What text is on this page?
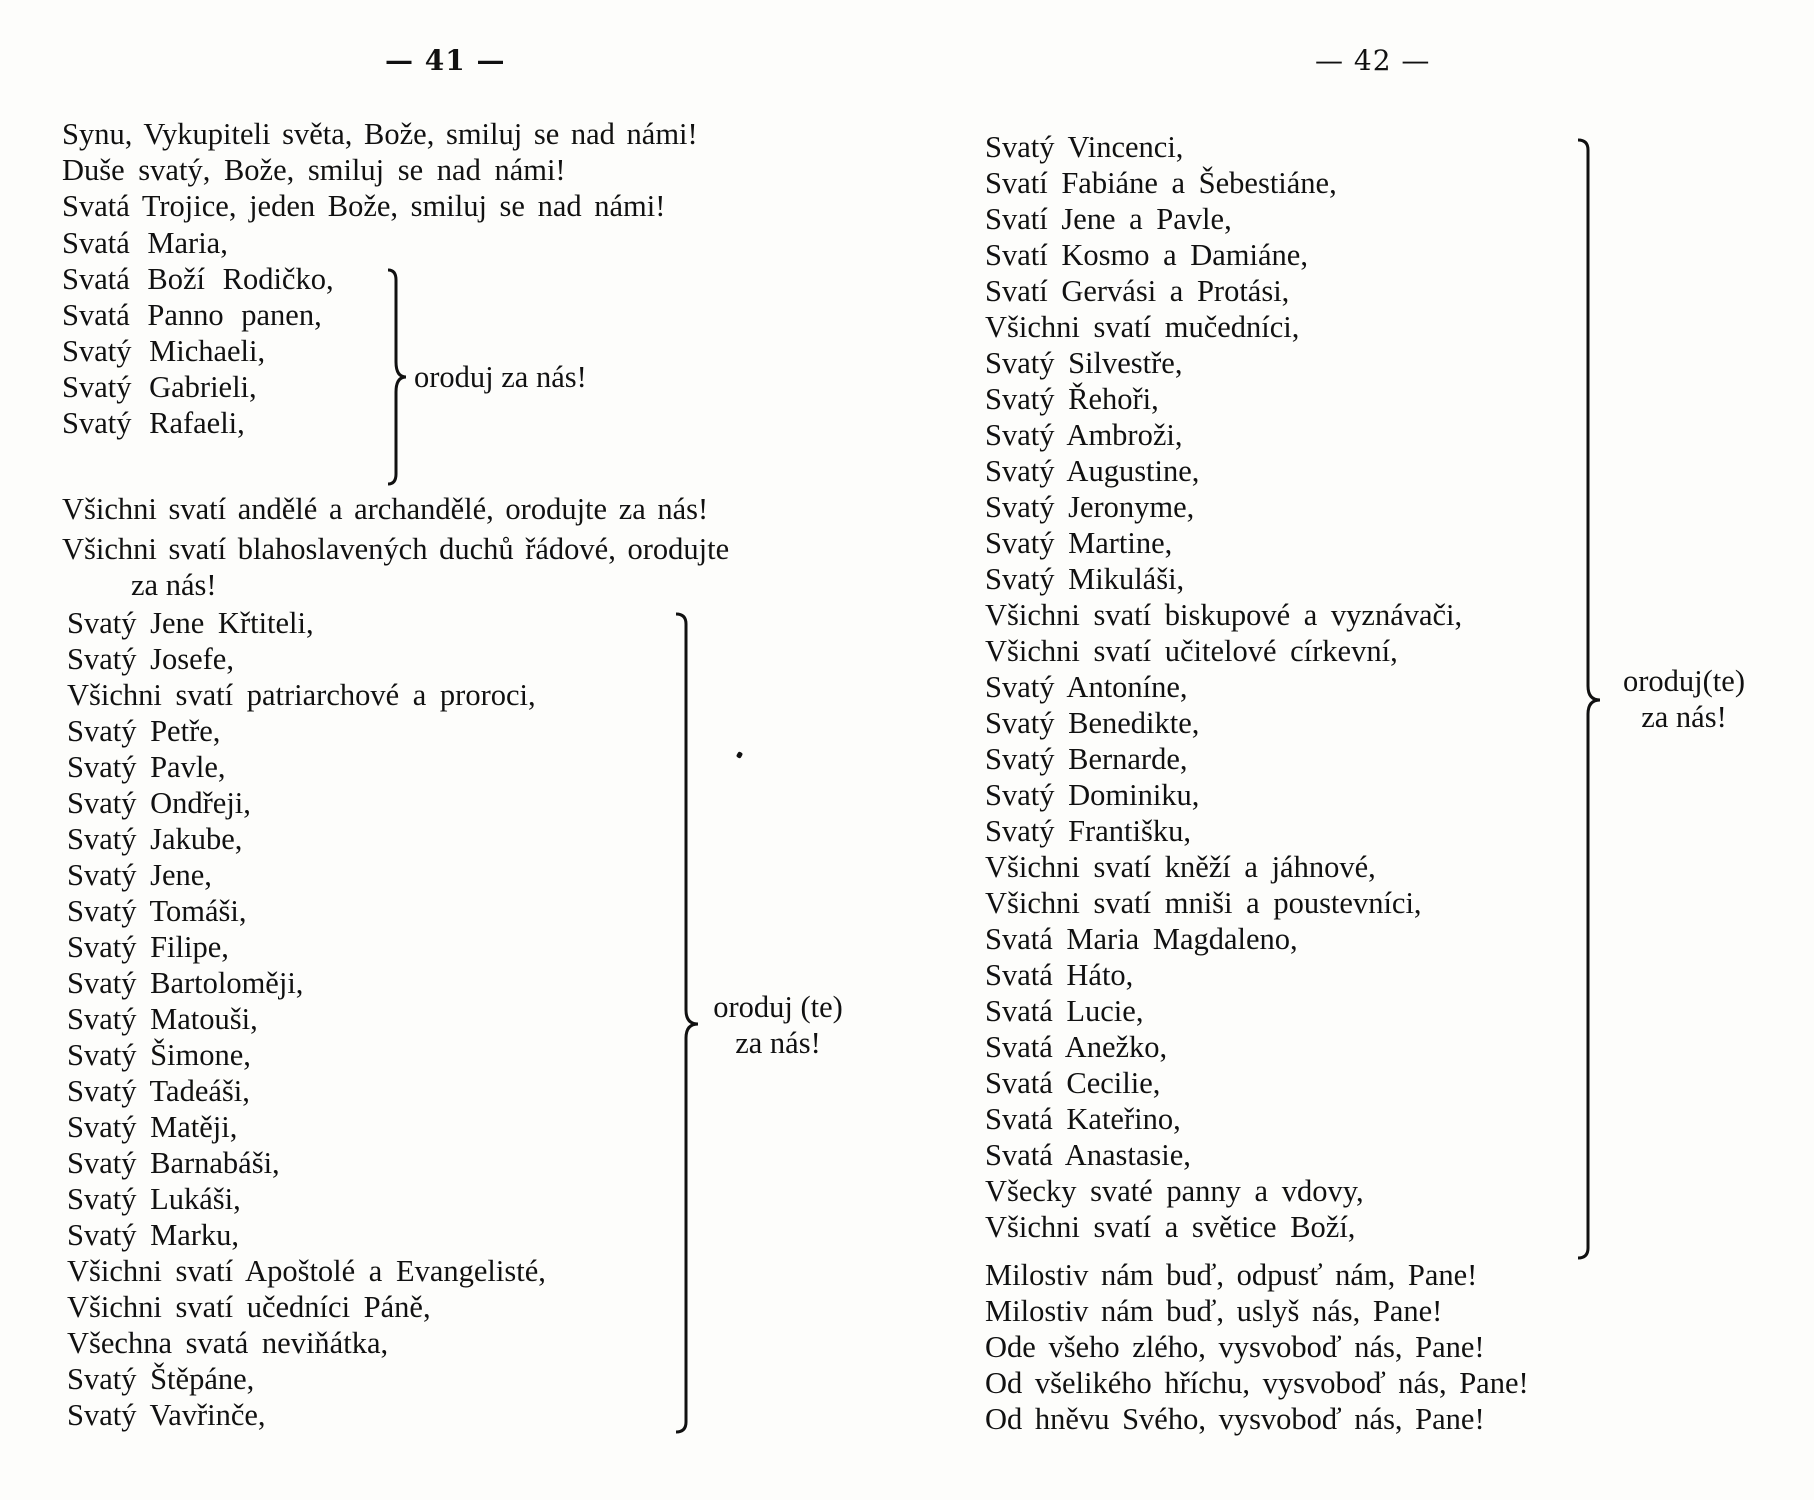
— 41 —
Synu, Vykupiteli světa, Bože, smiluj se nad námi!
Duše svatý, Bože, smiluj se nad námi!
Svatá Trojice, jeden Bože, smiluj se nad námi!
Svatá Maria,
Svatá Boží Rodičko,
Svatá Panno panen,
Svatý Michaeli,
Svatý Gabrieli,
Svatý Rafaeli,
oroduj za nás!
Všichni svatí andělé a archandělé, orodujte za nás!
Všichni svatí blahoslavených duchů řádové, orodujte
za nás!
Svatý Jene Křtiteli,
Svatý Josefe,
Všichni svatí patriarchové a proroci,
Svatý Petře,
Svatý Pavle,
Svatý Ondřeji,
Svatý Jakube,
Svatý Jene,
Svatý Tomáši,
Svatý Filipe,
Svatý Bartoloměji,
Svatý Matouši,
Svatý Šimone,
Svatý Tadeáši,
Svatý Matěji,
Svatý Barnabáši,
Svatý Lukáši,
Svatý Marku,
Všichni svatí Apoštolé a Evangelisté,
Všichni svatí učedníci Páně,
Všechna svatá neviňátka,
Svatý Štěpáne,
Svatý Vavřinče,
oroduj (te)
za nás!
— 42 —
Svatý Vincenci,
Svatí Fabiáne a Šebestiáne,
Svatí Jene a Pavle,
Svatí Kosmo a Damiáne,
Svatí Gervási a Protási,
Všichni svatí mučedníci,
Svatý Silvestře,
Svatý Řehoři,
Svatý Ambroži,
Svatý Augustine,
Svatý Jeronyme,
Svatý Martine,
Svatý Mikuláši,
Všichni svatí biskupové a vyznávači,
Všichni svatí učitelové církevní,
Svatý Antoníne,
Svatý Benedikte,
Svatý Bernarde,
Svatý Dominiku,
Svatý Františku,
Všichni svatí kněží a jáhnové,
Všichni svatí mniši a poustevníci,
Svatá Maria Magdaleno,
Svatá Háto,
Svatá Lucie,
Svatá Anežko,
Svatá Cecilie,
Svatá Kateřino,
Svatá Anastasie,
Všecky svaté panny a vdovy,
Všichni svatí a světice Boží,
oroduj(te)
za nás!
Milostiv nám buď, odpusť nám, Pane!
Milostiv nám buď, uslyš nás, Pane!
Ode všeho zlého, vysvoboď nás, Pane!
Od všelikého hříchu, vysvoboď nás, Pane!
Od hněvu Svého, vysvoboď nás, Pane!
